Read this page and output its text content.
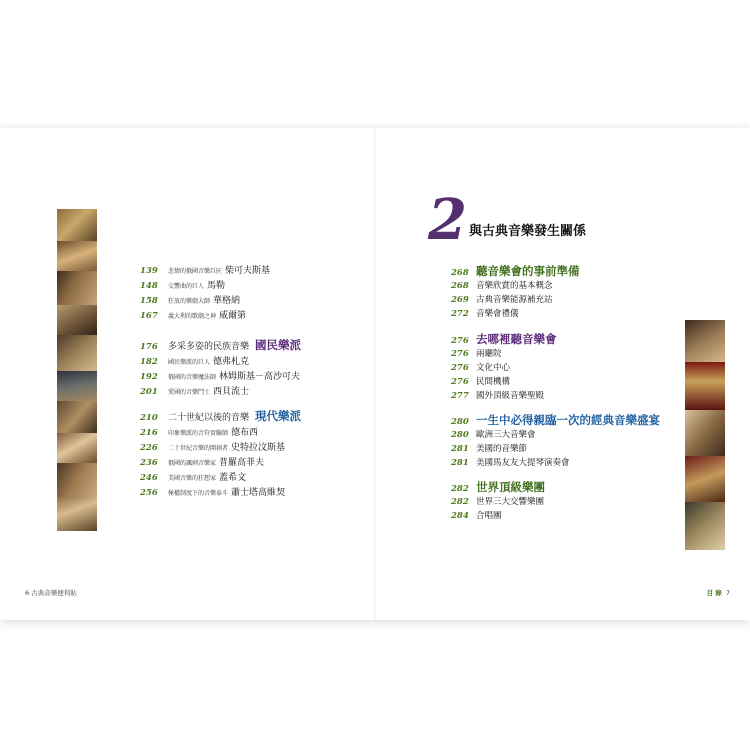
139	悲情的俄國音樂巨匠 柴可夫斯基
148	交響曲的巨人 馬勒
158	狂放的樂劇大師 華格納
167	義大利的歌劇之神 威爾第
176	多采多姿的民族音樂 國民樂派
182	國民樂派的巨人 德弗札克
192	俄國的音樂魔法師 林姆斯基－高沙可夫
201	愛國的音樂鬥士 西貝流士
210	二十世紀以後的音樂 現代樂派
216	印象樂派的音符實驗師 德布西
226	二十世紀音樂的開創者 史特拉汶斯基
236	俄國的諷刺音樂家 普羅高菲夫
246	美國音樂的狂想家 蓋希文
256	極權制度下的音樂泰斗 蕭士塔高維契
2 與古典音樂發生關係
268 聽音樂會的事前準備
268 音樂欣賞的基本概念
269 古典音樂能源補充站
272 音樂會禮儀
276 去哪裡聽音樂會
276 兩廳院
276 文化中心
276 民間機構
277 國外頂級音樂聖殿
280 一生中必得親臨一次的經典音樂盛宴
280 歐洲三大音樂會
281 美國的音樂節
281 美國馬友友大提琴演奏會
282 世界頂級樂團
282 世界三大交響樂團
284 合唱團
6 古典音樂便利貼	目 錄 7
